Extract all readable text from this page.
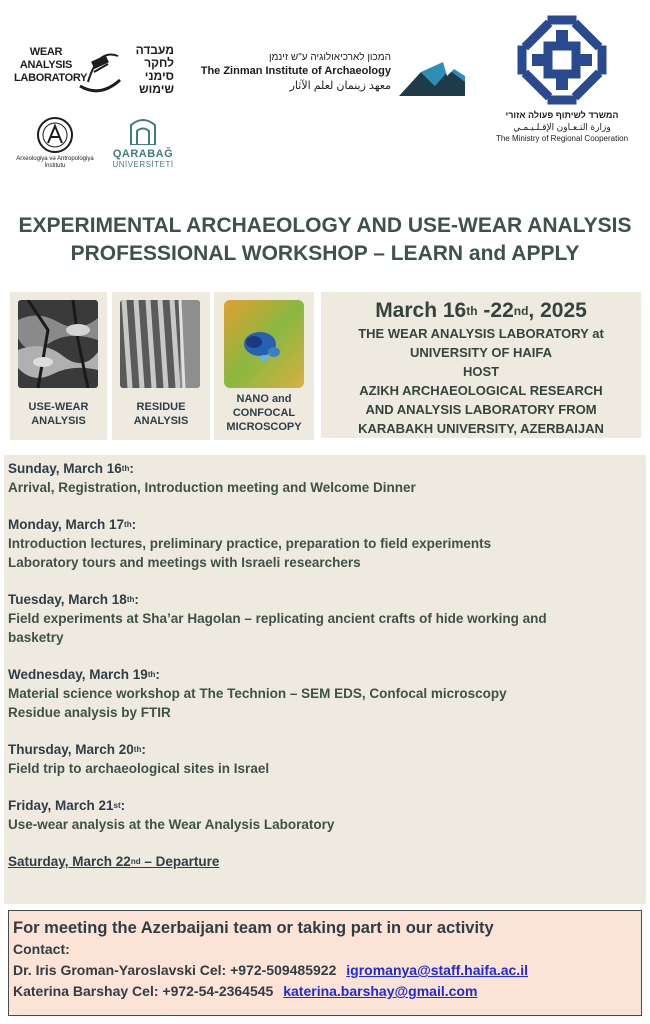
WEAR
ANALYSIS
LABORATORY
מעבדה
לחקר
סימני
שימוש
המכון לארכיאולוגיה ע"ש זינמן
The Zinman Institute of Archaeology
معهد زينمان لعلم الآثار
המשרד לשיתוף פעולה אזורי
وزارة التـعـاون الإقـلـيـمـي
The Ministry of Regional Cooperation
Arxeologiya və Antropologiya
İnstitutu
QARABAĞ
UNİVERSİTETİ
EXPERIMENTAL ARCHAEOLOGY AND USE-WEAR ANALYSIS
PROFESSIONAL WORKSHOP – LEARN and APPLY
USE-WEAR
ANALYSIS
RESIDUE
ANALYSIS
NANO and
CONFOCAL
MICROSCOPY
March 16th -22nd, 2025
THE WEAR ANALYSIS LABORATORY at
UNIVERSITY OF HAIFA
HOST
AZIKH ARCHAEOLOGICAL RESEARCH
AND ANALYSIS LABORATORY FROM
KARABAKH UNIVERSITY, AZERBAIJAN
Sunday, March 16th:
Arrival, Registration, Introduction meeting and Welcome Dinner
Monday, March 17th:
Introduction lectures, preliminary practice, preparation to field experiments
Laboratory tours and meetings with Israeli researchers
Tuesday, March 18th:
Field experiments at Sha’ar Hagolan – replicating ancient crafts of hide working and
basketry
Wednesday, March 19th:
Material science workshop at The Technion – SEM EDS, Confocal microscopy
Residue analysis by FTIR
Thursday, March 20th:
Field trip to archaeological sites in Israel
Friday, March 21st:
Use-wear analysis at the Wear Analysis Laboratory
Saturday, March 22nd – Departure
For meeting the Azerbaijani team or taking part in our activity
Contact:
Dr. Iris Groman-Yaroslavski Cel: +972-509485922 igromanya@staff.haifa.ac.il
Katerina Barshay Cel: +972-54-2364545 katerina.barshay@gmail.com
